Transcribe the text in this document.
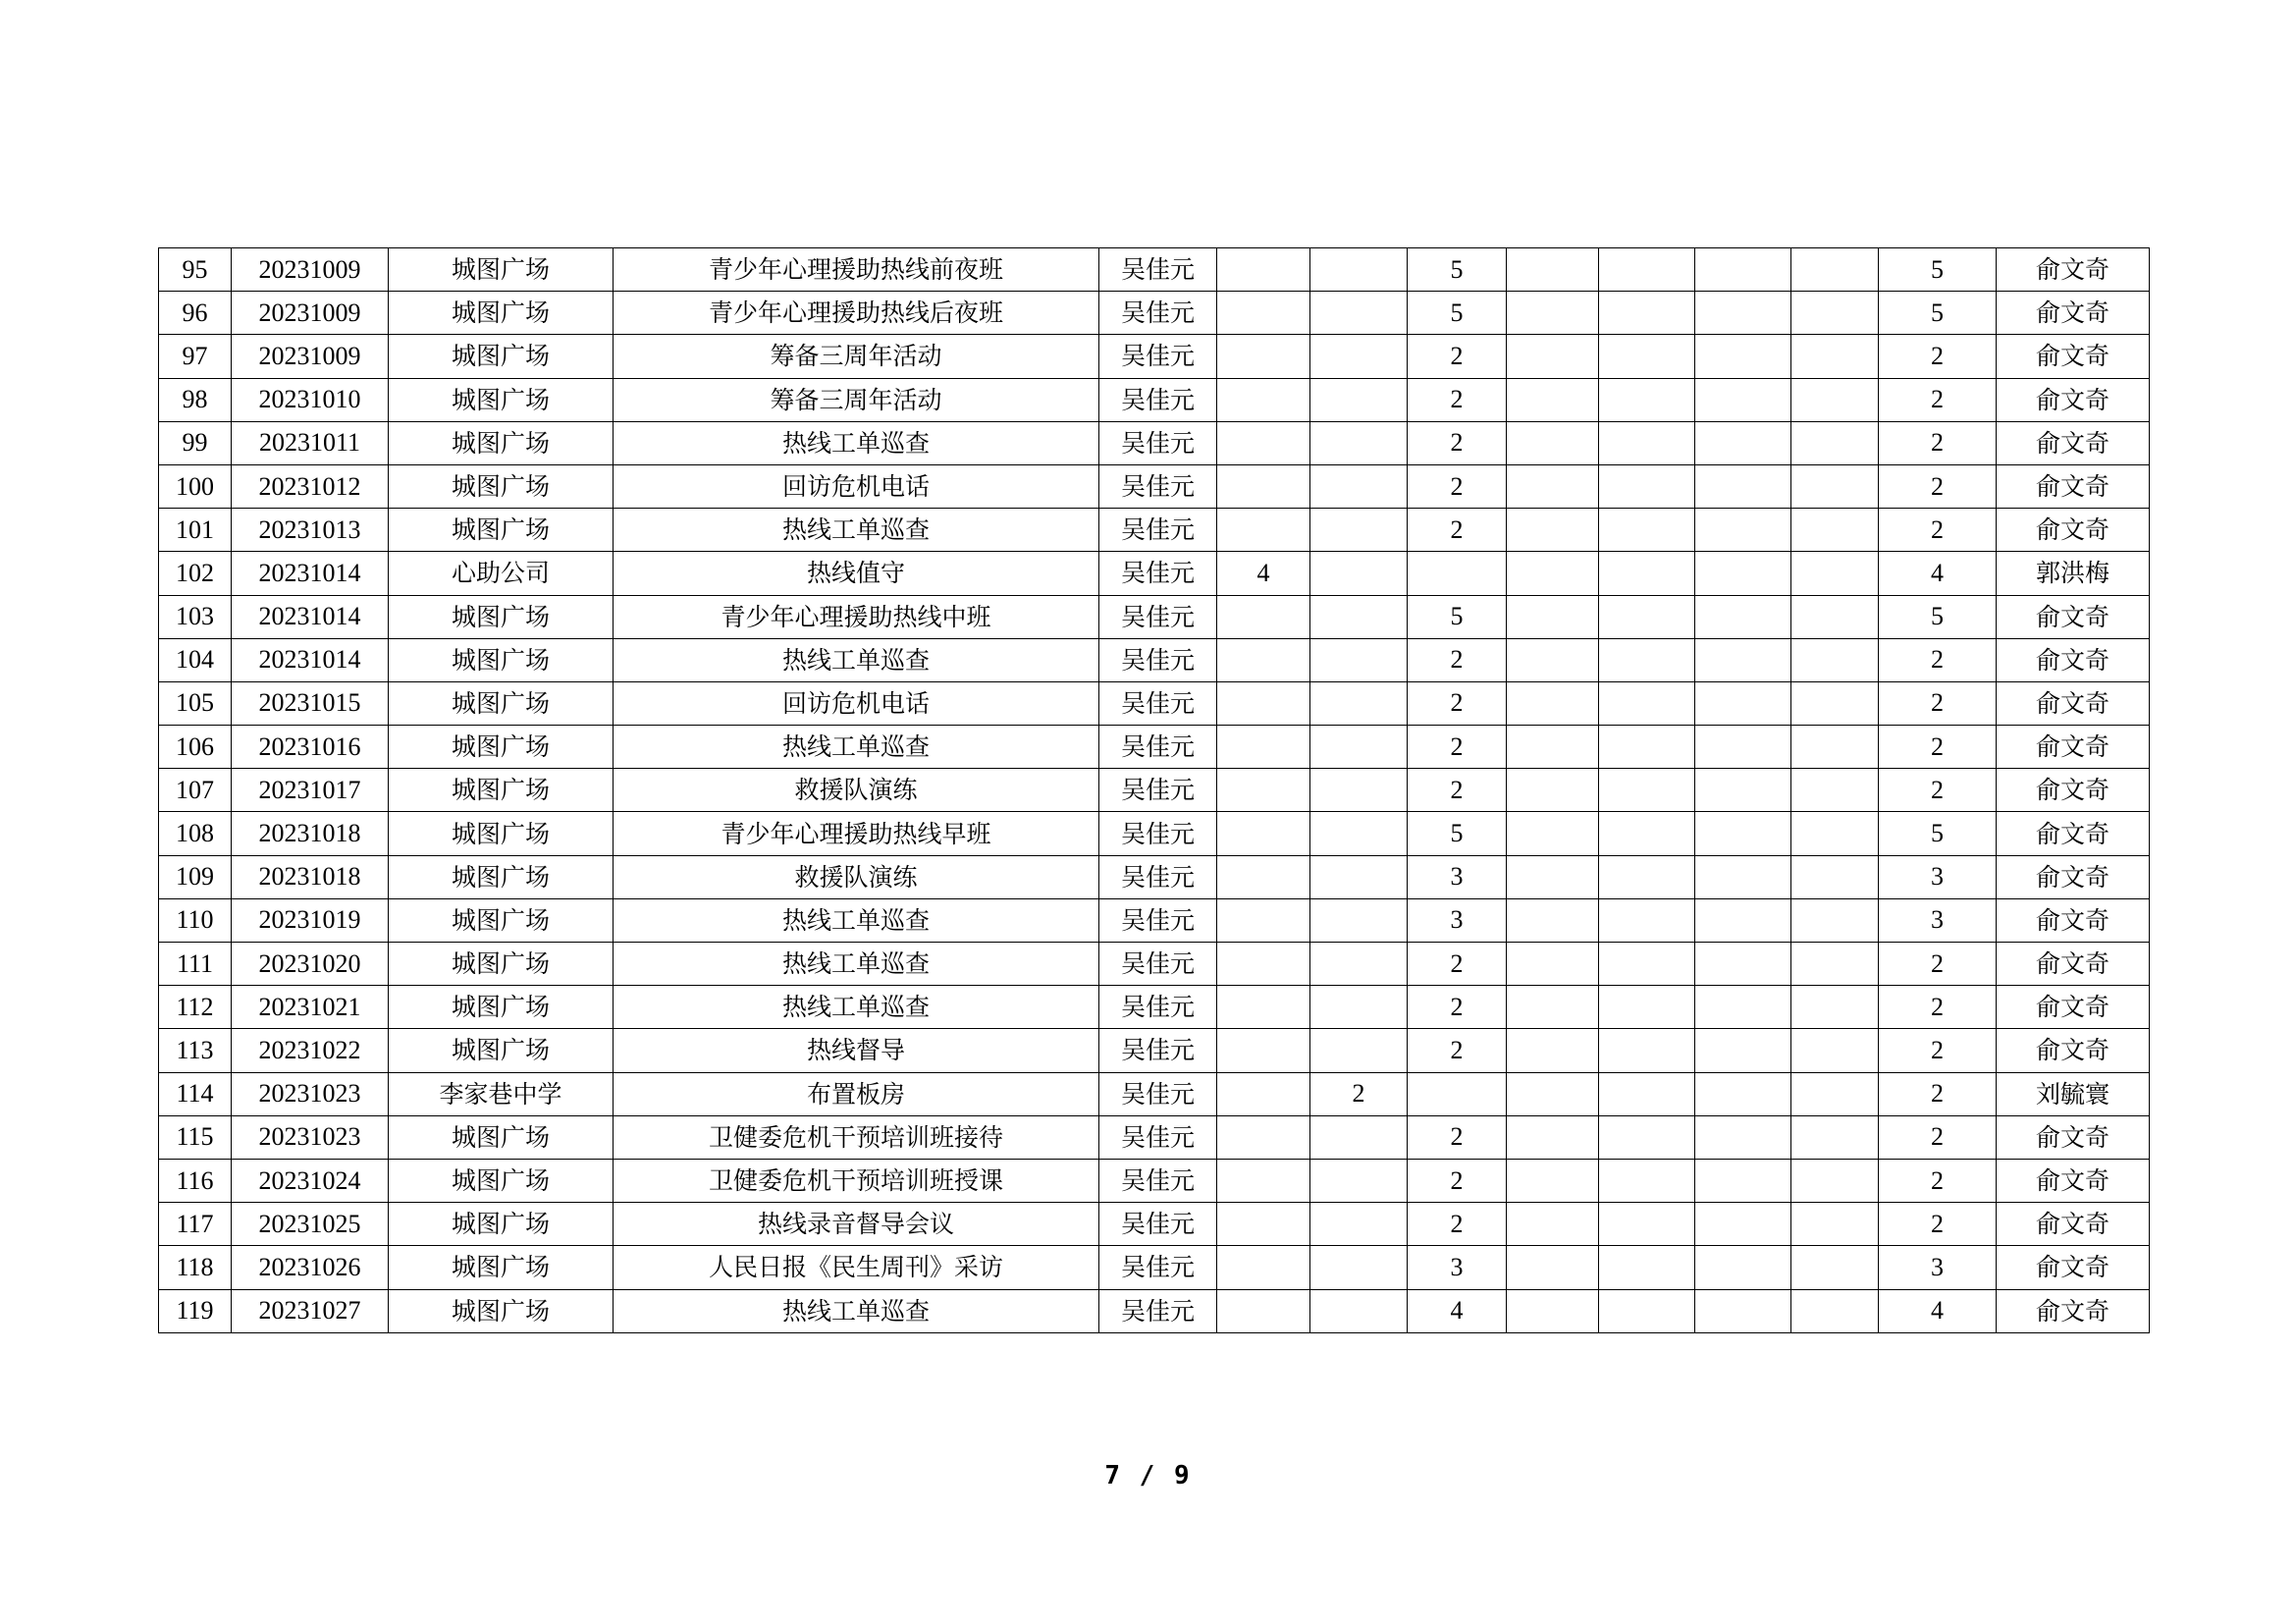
95	20231009	城图广场	青少年心理援助热线前夜班	吴佳元			5					5	俞文奇
96	20231009	城图广场	青少年心理援助热线后夜班	吴佳元			5					5	俞文奇
97	20231009	城图广场	筹备三周年活动	吴佳元			2					2	俞文奇
98	20231010	城图广场	筹备三周年活动	吴佳元			2					2	俞文奇
99	20231011	城图广场	热线工单巡查	吴佳元			2					2	俞文奇
100	20231012	城图广场	回访危机电话	吴佳元			2					2	俞文奇
101	20231013	城图广场	热线工单巡查	吴佳元			2					2	俞文奇
102	20231014	心助公司	热线值守	吴佳元	4							4	郭洪梅
103	20231014	城图广场	青少年心理援助热线中班	吴佳元			5					5	俞文奇
104	20231014	城图广场	热线工单巡查	吴佳元			2					2	俞文奇
105	20231015	城图广场	回访危机电话	吴佳元			2					2	俞文奇
106	20231016	城图广场	热线工单巡查	吴佳元			2					2	俞文奇
107	20231017	城图广场	救援队演练	吴佳元			2					2	俞文奇
108	20231018	城图广场	青少年心理援助热线早班	吴佳元			5					5	俞文奇
109	20231018	城图广场	救援队演练	吴佳元			3					3	俞文奇
110	20231019	城图广场	热线工单巡查	吴佳元			3					3	俞文奇
111	20231020	城图广场	热线工单巡查	吴佳元			2					2	俞文奇
112	20231021	城图广场	热线工单巡查	吴佳元			2					2	俞文奇
113	20231022	城图广场	热线督导	吴佳元			2					2	俞文奇
114	20231023	李家巷中学	布置板房	吴佳元		2						2	刘毓寰
115	20231023	城图广场	卫健委危机干预培训班接待	吴佳元			2					2	俞文奇
116	20231024	城图广场	卫健委危机干预培训班授课	吴佳元			2					2	俞文奇
117	20231025	城图广场	热线录音督导会议	吴佳元			2					2	俞文奇
118	20231026	城图广场	人民日报《民生周刊》采访	吴佳元			3					3	俞文奇
119	20231027	城图广场	热线工单巡查	吴佳元			4					4	俞文奇
7 / 9
